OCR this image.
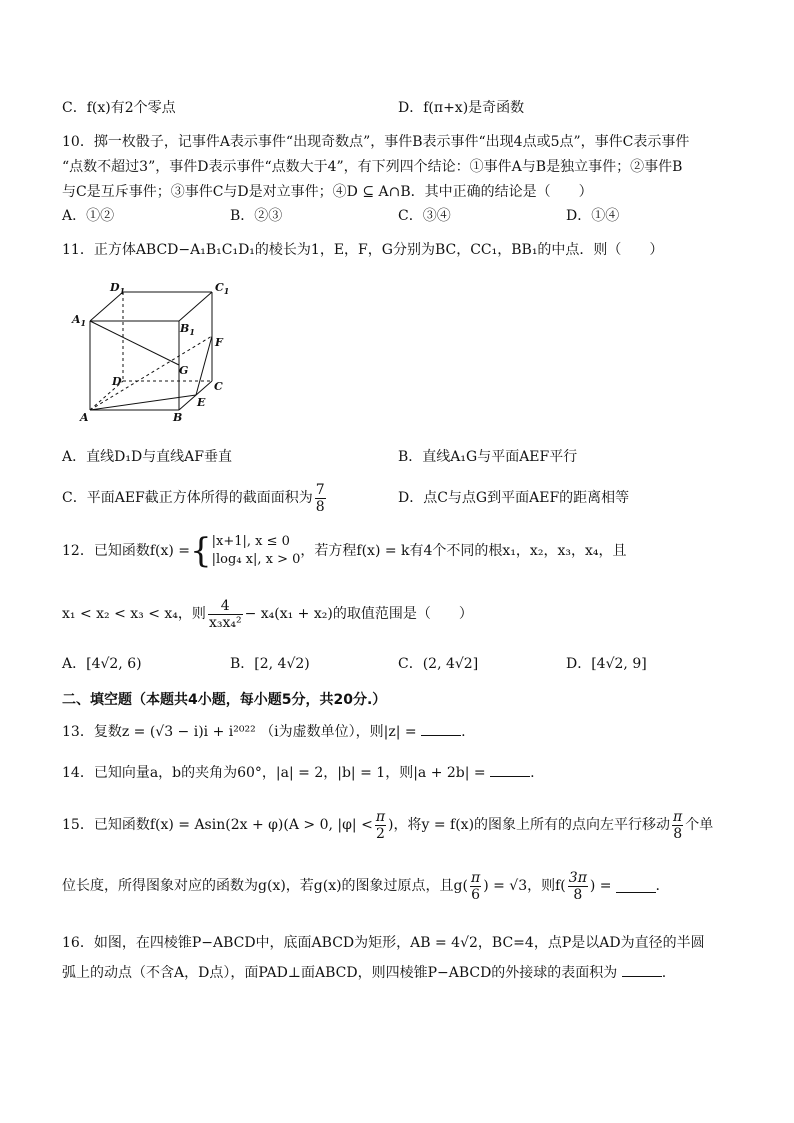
C．f(x)有2个零点	D．f(π+x)是奇函数
10．掷一枚骰子，记事件A表示事件“出现奇数点”，事件B表示事件“出现4点或5点”，事件C表示事件
“点数不超过3”，事件D表示事件“点数大于4”，有下列四个结论：①事件A与B是独立事件；②事件B
与C是互斥事件；③事件C与D是对立事件；④D ⊆ A∩B．其中正确的结论是（　　）
A．①②	B．②③	C．③④	D．①④
11．正方体ABCD−A₁B₁C₁D₁的棱长为1，E，F，G分别为BC，CC₁，BB₁的中点．则（　　）
$D_1$	$C_1$
$A_1$	$B_1$
F
G
D	C
E
A	B
A．直线D₁D与直线AF垂直	B．直线A₁G与平面AEF平行
C．平面AEF截正方体所得的截面面积为 $\frac{7}{8}$	D．点C与点G到平面AEF的距离相等
12．已知函数f(x) = { |x+1|, x ≤ 0
|log₄ x|, x > 0
，若方程f(x) = k有4个不同的根x₁，x₂，x₃，x₄，且
x₁ < x₂ < x₃ < x₄，则 $\frac{4}{\text{x₃x₄²}} - x_4(x_1 + x_2)$的取值范围是（　　）
A．[4√2, 6)	B．[2, 4√2)	C．(2, 4√2]	D．[4√2, 9]
二、填空题（本题共4小题，每小题5分，共20分.）
13．复数z = (√3 − i)i + i²⁰²² （i为虚数单位），则|z| =	.
14．已知向量a，b的夹角为60°，|a| = 2，|b| = 1，则|a + 2b| =	.
15．已知函数f(x) = Asin(2x + φ)(A > 0, $|\varphi| < \frac{\pi}{2}$ )，将y = f(x)的图象上所有的点向左平行移动 $\frac{\pi}{8}$ 个单
位长度，所得图象对应的函数为g(x)，若g(x)的图象过原点，且$g( \frac{\pi}{6}$ ) = √3，则$f( \frac{3\pi}{8}$ ) =	.
16．如图，在四棱锥P−ABCD中，底面ABCD为矩形，AB = 4√2，BC=4，点P是以AD为直径的半圆
弧上的动点（不含A，D点），面PAD⊥面ABCD，则四棱锥P−ABCD的外接球的表面积为	.
